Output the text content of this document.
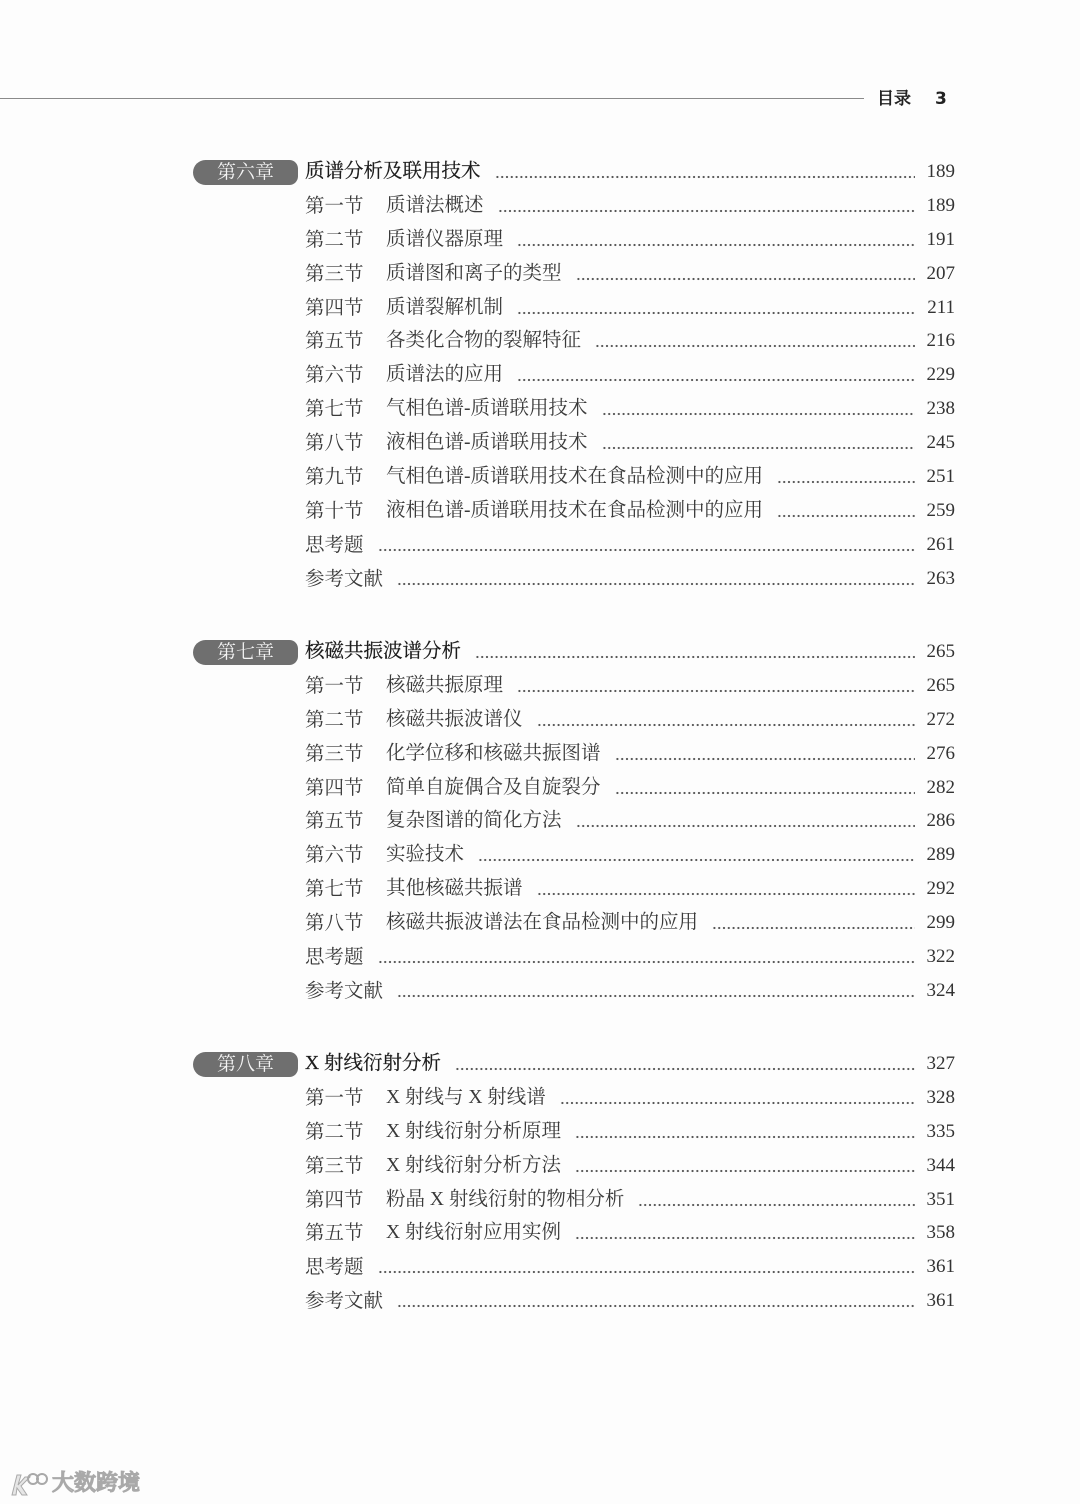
目录 3
第六章	质谱分析及联用技术	189
第一节	质谱法概述	189
第二节	质谱仪器原理	191
第三节	质谱图和离子的类型	207
第四节	质谱裂解机制	211
第五节	各类化合物的裂解特征	216
第六节	质谱法的应用	229
第七节	气相色谱-质谱联用技术	238
第八节	液相色谱-质谱联用技术	245
第九节	气相色谱-质谱联用技术在食品检测中的应用	251
第十节	液相色谱-质谱联用技术在食品检测中的应用	259
思考题	261
参考文献	263
第七章	核磁共振波谱分析	265
第一节	核磁共振原理	265
第二节	核磁共振波谱仪	272
第三节	化学位移和核磁共振图谱	276
第四节	简单自旋偶合及自旋裂分	282
第五节	复杂图谱的简化方法	286
第六节	实验技术	289
第七节	其他核磁共振谱	292
第八节	核磁共振波谱法在食品检测中的应用	299
思考题	322
参考文献	324
第八章	X 射线衍射分析	327
第一节	X 射线与 X 射线谱	328
第二节	X 射线衍射分析原理	335
第三节	X 射线衍射分析方法	344
第四节	粉晶 X 射线衍射的物相分析	351
第五节	X 射线衍射应用实例	358
思考题	361
参考文献	361
大数跨境
